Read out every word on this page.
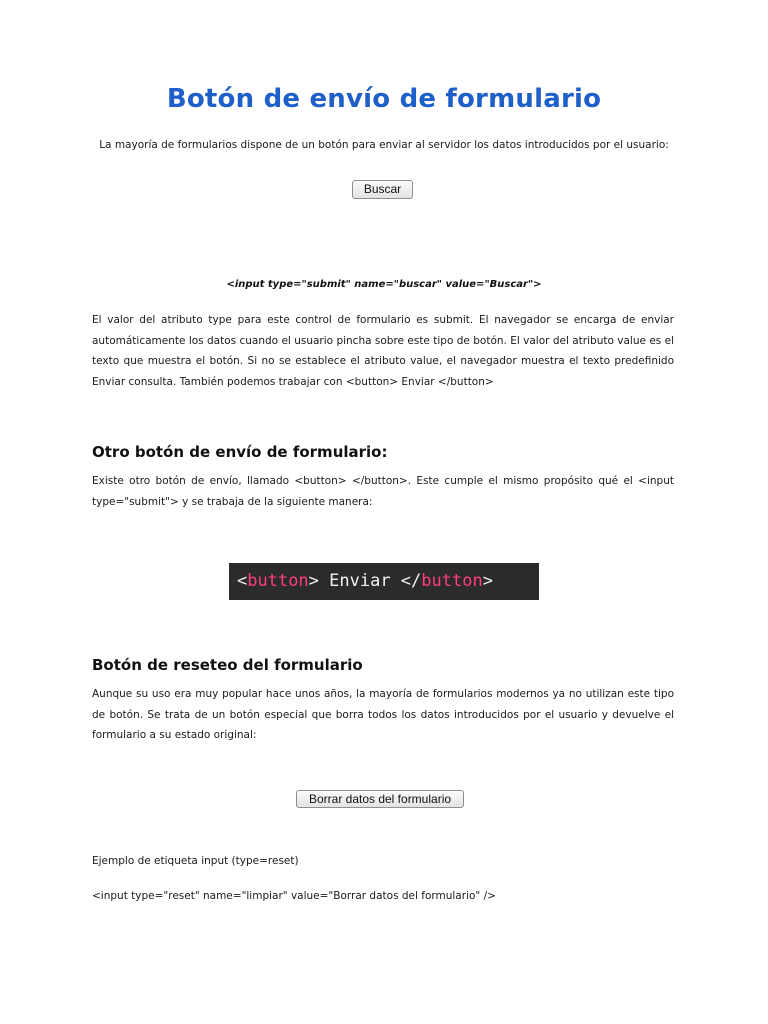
Botón de envío de formulario
La mayoría de formularios dispone de un botón para enviar al servidor los datos introducidos por el usuario:
Buscar
<input type="submit" name="buscar" value="Buscar">

El valor del atributo type para este control de formulario es submit. El navegador se encarga de enviar automáticamente los datos cuando el usuario pincha sobre este tipo de botón. El valor del atributo value es el texto que muestra el botón. Si no se establece el atributo value, el navegador muestra el texto predefinido Enviar consulta. También podemos trabajar con <button> Enviar </button>

Otro botón de envío de formulario:

Existe otro botón de envío, llamado <button> </button>. Este cumple el mismo propósito qué el <input type="submit"> y se trabaja de la siguiente manera:

<button> Enviar </button>
Botón de reseteo del formulario

Aunque su uso era muy popular hace unos años, la mayoría de formularios modernos ya no utilizan este tipo de botón. Se trata de un botón especial que borra todos los datos introducidos por el usuario y devuelve el formulario a su estado original:

Borrar datos del formulario

Ejemplo de etiqueta input (type=reset)

<input type="reset" name="limpiar" value="Borrar datos del formulario" />
